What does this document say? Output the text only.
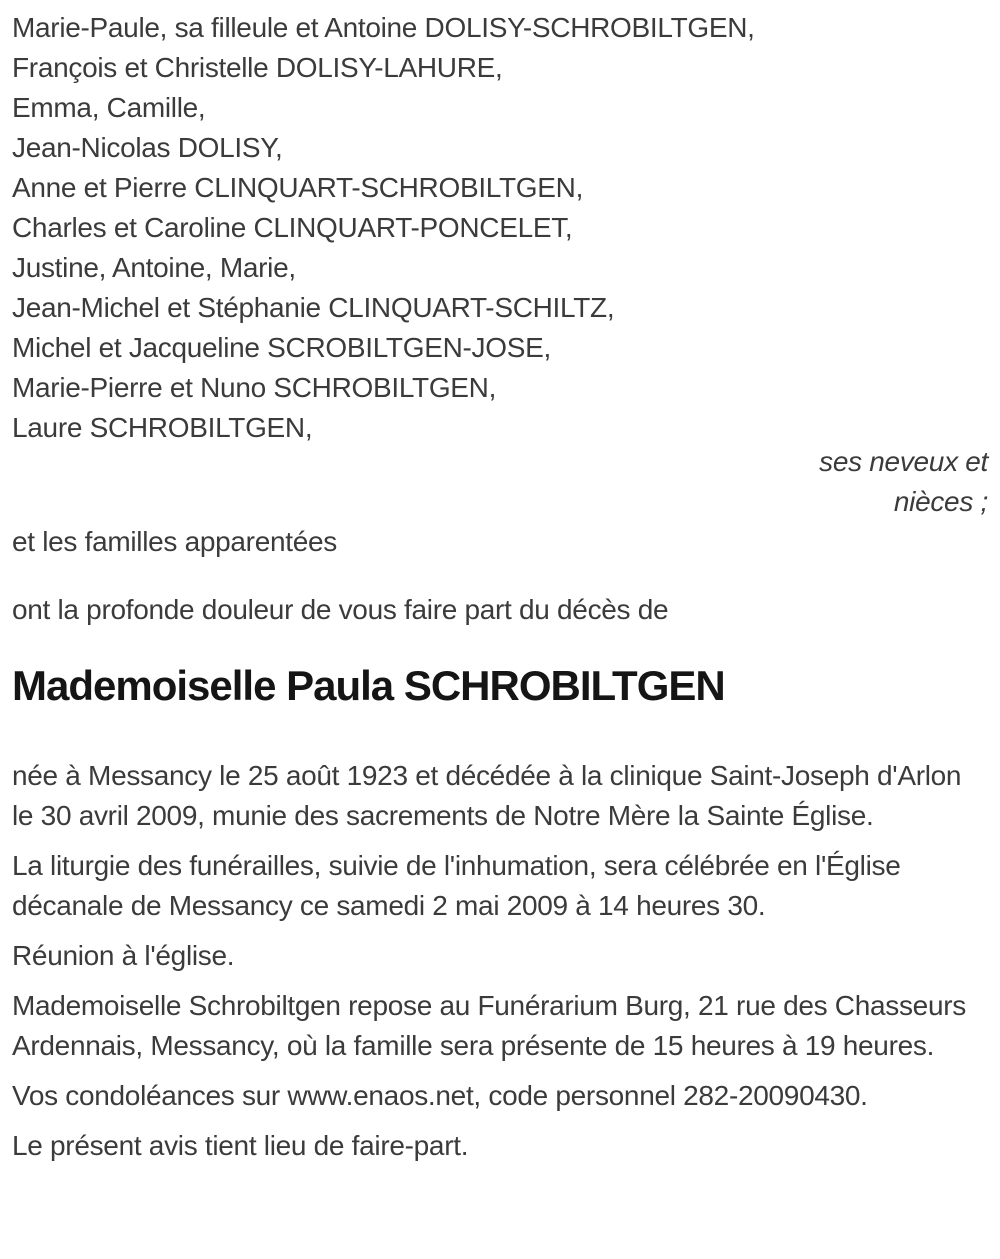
Marie-Paule, sa filleule et Antoine DOLISY-SCHROBILTGEN,
François et Christelle DOLISY-LAHURE,
Emma, Camille,
Jean-Nicolas DOLISY,
Anne et Pierre CLINQUART-SCHROBILTGEN,
Charles et Caroline CLINQUART-PONCELET,
Justine, Antoine, Marie,
Jean-Michel et Stéphanie CLINQUART-SCHILTZ,
Michel et Jacqueline SCROBILTGEN-JOSE,
Marie-Pierre et Nuno SCHROBILTGEN,
Laure SCHROBILTGEN,
ses neveux et
nièces ;
et les familles apparentées
ont la profonde douleur de vous faire part du décès de
Mademoiselle Paula SCHROBILTGEN

née à Messancy le 25 août 1923 et décédée à la clinique Saint-Joseph d'Arlon le 30 avril 2009, munie des sacrements de Notre Mère la Sainte Église.

La liturgie des funérailles, suivie de l'inhumation, sera célébrée en l'Église décanale de Messancy ce samedi 2 mai 2009 à 14 heures 30.

Réunion à l'église.

Mademoiselle Schrobiltgen repose au Funérarium Burg, 21 rue des Chasseurs Ardennais, Messancy, où la famille sera présente de 15 heures à 19 heures.

Vos condoléances sur www.enaos.net, code personnel 282-20090430.

Le présent avis tient lieu de faire-part.
